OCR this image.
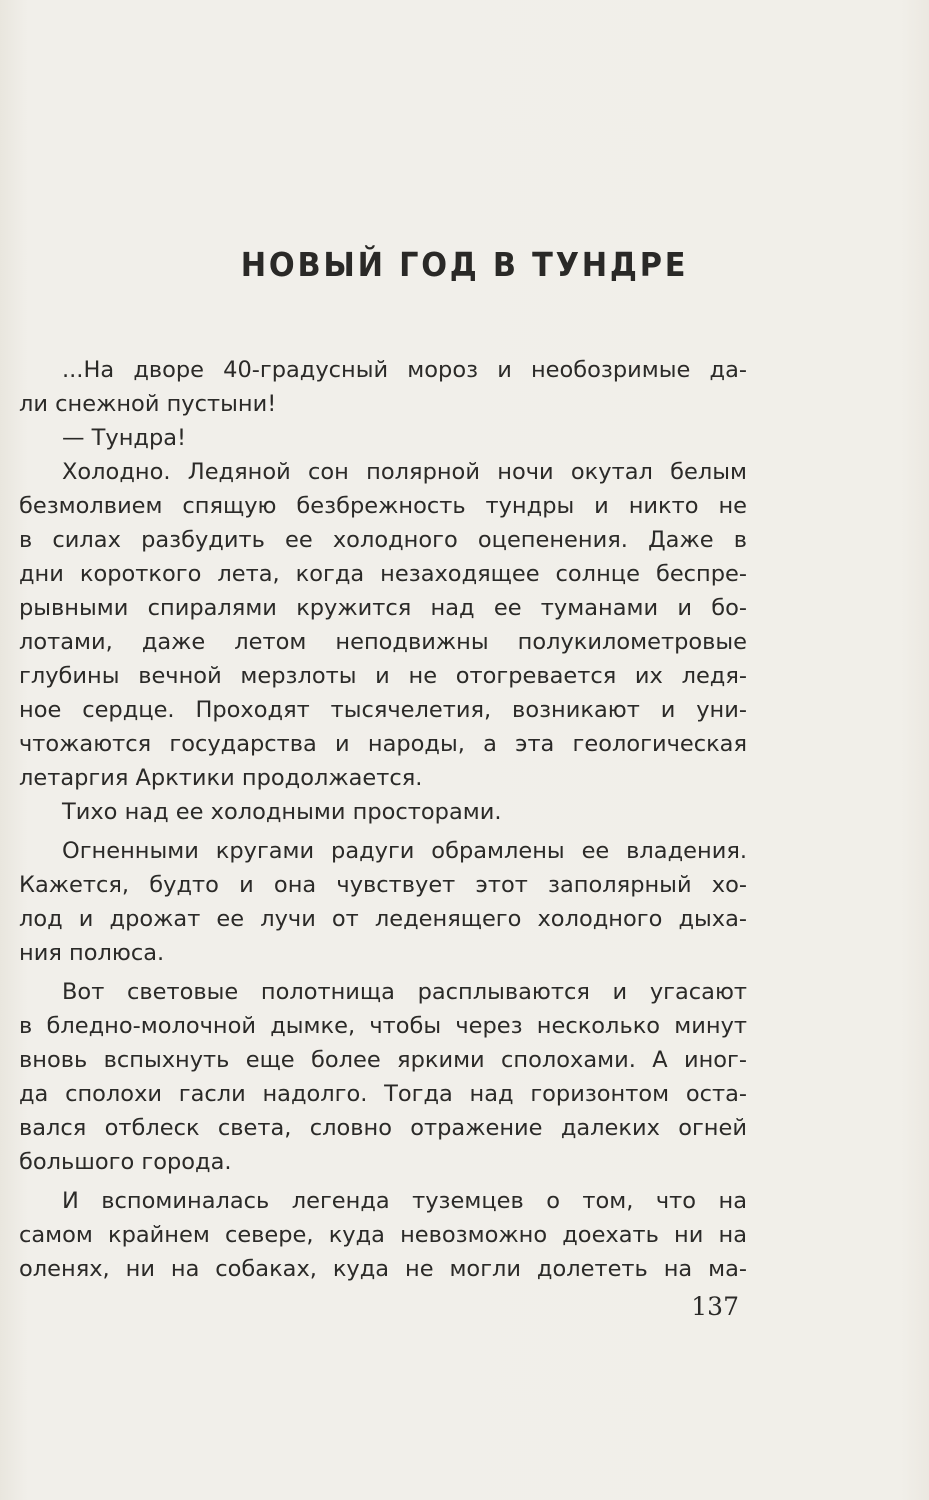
НОВЫЙ ГОД В ТУНДРЕ
...На дворе 40-градусный мороз и необозримые да-
ли снежной пустыни!
— Тундра!
Холодно. Ледяной сон полярной ночи окутал белым
безмолвием спящую безбрежность тундры и никто не
в силах разбудить ее холодного оцепенения. Даже в
дни короткого лета, когда незаходящее солнце беспре-
рывными спиралями кружится над ее туманами и бо-
лотами, даже летом неподвижны полукилометровые
глубины вечной мерзлоты и не отогревается их ледя-
ное сердце. Проходят тысячелетия, возникают и уни-
чтожаются государства и народы, а эта геологическая
летаргия Арктики продолжается.
Тихо над ее холодными просторами.
Огненными кругами радуги обрамлены ее владения.
Кажется, будто и она чувствует этот заполярный хо-
лод и дрожат ее лучи от леденящего холодного дыха-
ния полюса.
Вот световые полотнища расплываются и угасают
в бледно-молочной дымке, чтобы через несколько минут
вновь вспыхнуть еще более яркими сполохами. А иног-
да сполохи гасли надолго. Тогда над горизонтом оста-
вался отблеск света, словно отражение далеких огней
большого города.
И вспоминалась легенда туземцев о том, что на
самом крайнем севере, куда невозможно доехать ни на
оленях, ни на собаках, куда не могли долететь на ма-
137
